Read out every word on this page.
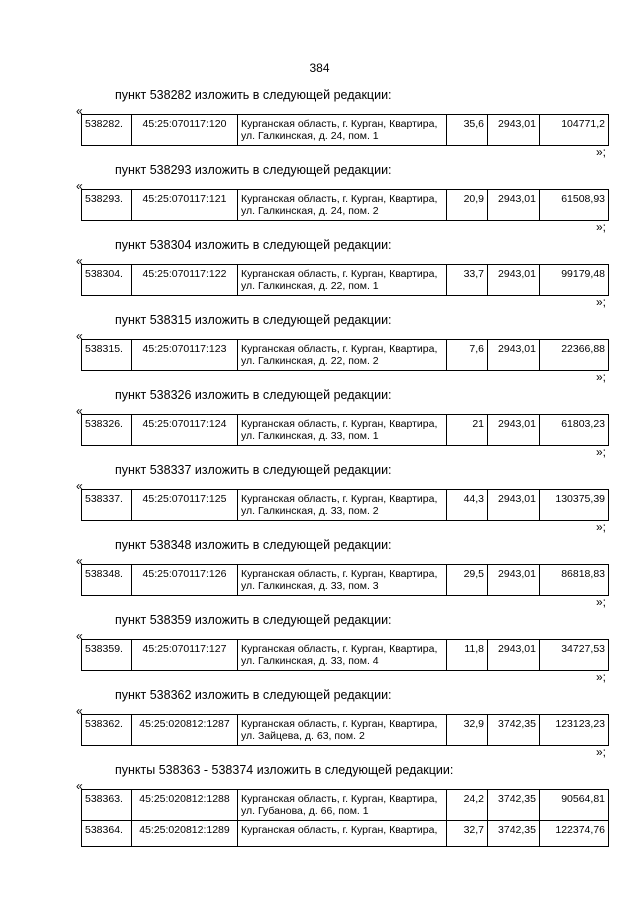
384
пункт 538282 изложить в следующей редакции:
«
538282.	45:25:070117:120	Курганская область, г. Курган, Квартира, ул. Галкинская, д. 24, пом. 1	35,6	2943,01	104771,2
»;
пункт 538293 изложить в следующей редакции:
«
538293.	45:25:070117:121	Курганская область, г. Курган, Квартира, ул. Галкинская, д. 24, пом. 2	20,9	2943,01	61508,93
»;
пункт 538304 изложить в следующей редакции:
«
538304.	45:25:070117:122	Курганская область, г. Курган, Квартира, ул. Галкинская, д. 22, пом. 1	33,7	2943,01	99179,48
»;
пункт 538315 изложить в следующей редакции:
«
538315.	45:25:070117:123	Курганская область, г. Курган, Квартира, ул. Галкинская, д. 22, пом. 2	7,6	2943,01	22366,88
»;
пункт 538326 изложить в следующей редакции:
«
538326.	45:25:070117:124	Курганская область, г. Курган, Квартира, ул. Галкинская, д. 33, пом. 1	21	2943,01	61803,23
»;
пункт 538337 изложить в следующей редакции:
«
538337.	45:25:070117:125	Курганская область, г. Курган, Квартира, ул. Галкинская, д. 33, пом. 2	44,3	2943,01	130375,39
»;
пункт 538348 изложить в следующей редакции:
«
538348.	45:25:070117:126	Курганская область, г. Курган, Квартира, ул. Галкинская, д. 33, пом. 3	29,5	2943,01	86818,83
»;
пункт 538359 изложить в следующей редакции:
«
538359.	45:25:070117:127	Курганская область, г. Курган, Квартира, ул. Галкинская, д. 33, пом. 4	11,8	2943,01	34727,53
»;
пункт 538362 изложить в следующей редакции:
«
538362.	45:25:020812:1287	Курганская область, г. Курган, Квартира, ул. Зайцева, д. 63, пом. 2	32,9	3742,35	123123,23
»;
пункты 538363 - 538374 изложить в следующей редакции:
«
538363.	45:25:020812:1288	Курганская область, г. Курган, Квартира, ул. Губанова, д. 66, пом. 1	24,2	3742,35	90564,81
538364.	45:25:020812:1289	Курганская область, г. Курган, Квартира,	32,7	3742,35	122374,76
